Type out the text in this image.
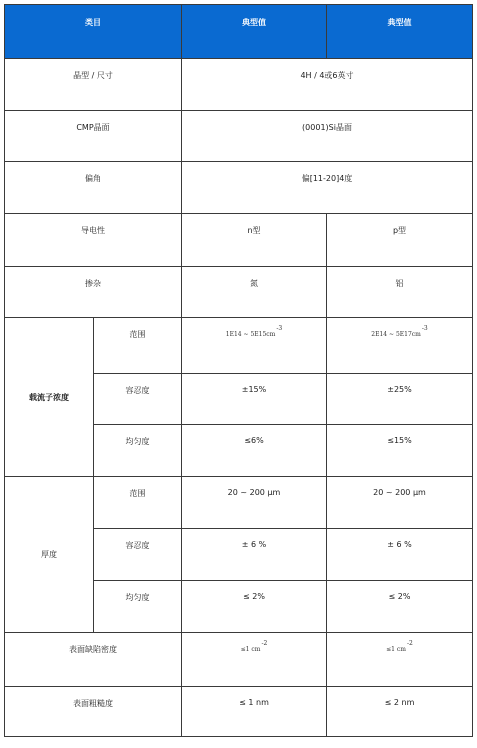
类目		典型值	典型值
晶型 / 尺寸		4H / 4或6英寸	
CMP晶面		(0001)Si晶面	
偏角		偏[11-20]4度	
导电性		n型	p型
掺杂		氮	铝
载流子浓度	范围	1E14 ~ $5E15cm^{-3}$	2E14 ~ $5E17cm^{-3}$
	容忍度	±15%	±25%
	均匀度	≤6%	≤15%
厚度	范围	20 ~ 200 μm	20 ~ 200 μm
	容忍度	± 6 %	± 6 %
	均匀度	≤ 2%	≤ 2%
表面缺陷密度		≤1 $cm^{-2}$	≤1 $cm^{-2}$
表面粗糙度		≤ 1 nm	≤ 2 nm
